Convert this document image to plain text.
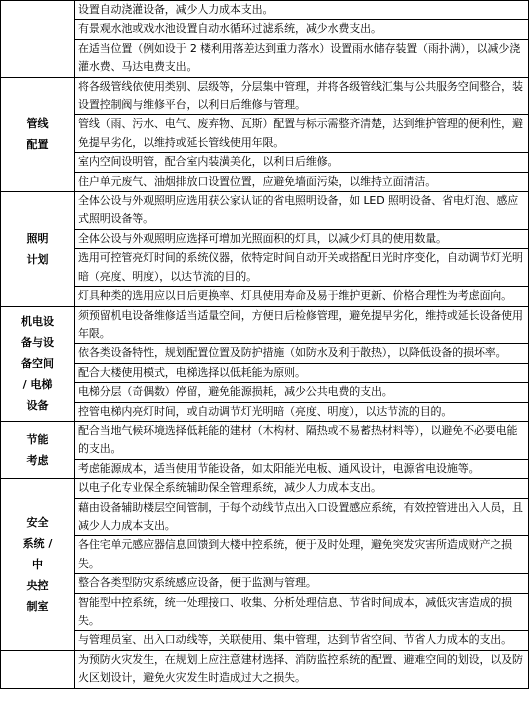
	设置自动浇灌设备，减少人力成本支出。

	有景观水池或戏水池设置自动水循环过滤系统，减少水费支出。

	在适当位置（例如设于 2 楼利用落差达到重力落水）设置雨水储存装置（雨扑满），以减少浇灌水费、马达电费支出。

管线
配置	将各级管线依使用类别、层级等，分层集中管理，并将各级管线汇集与公共服务空间整合，装设置控制阀与维修平台，以利日后维修与管理。

	管线（雨、污水、电气、废弃物、瓦斯）配置与标示需整齐清楚，达到维护管理的便利性，避免提早劣化，以维持或延长管线使用年限。

	室内空间设明管，配合室内装潢美化，以利日后维修。

	住户单元废气、油烟排放口设置位置，应避免墙面污染，以维持立面清洁。

照明
计划	全体公设与外观照明应选用获公家认证的省电照明设备，如 LED 照明设备、省电灯泡、感应式照明设备等。

	全体公设与外观照明应选择可增加光照面积的灯具，以减少灯具的使用数量。

	选用可控管亮灯时间的系统仪器，依特定时间自动开关或搭配日光时序变化，自动调节灯光明暗（亮度、明度），以达节流的目的。

	灯具种类的选用应以日后更换率、灯具使用寿命及易于维护更新、价格合理性为考虑面向。

机电设
备与设
备空间
/ 电梯
设备	须预留机电设备维修适当适量空间，方便日后检修管理，避免提早劣化，维持或延长设备使用年限。

	依各类设备特性，规划配置位置及防护措施（如防水及利于散热），以降低设备的损坏率。

	配合大楼使用模式，电梯选择以低耗能为原则。

	电梯分层（奇偶数）停留，避免能源损耗，减少公共电费的支出。

	控管电梯内亮灯时间，或自动调节灯光明暗（亮度、明度），以达节流的目的。

节能
考虑	配合当地气候环境选择低耗能的建材（木构材、隔热或不易蓄热材料等），以避免不必要电能的支出。

	考虑能源成本，适当使用节能设备，如太阳能光电板、通风设计，电源省电设施等。

安全
系统 /
中
央控
制室	以电子化专业保全系统辅助保全管理系统，减少人力成本支出。

	藉由设备辅助楼层空间管制，于每个动线节点出入口设置感应系统，有效控管进出入人员，且减少人力成本支出。

	各住宅单元感应器信息回馈到大楼中控系统，便于及时处理，避免突发灾害所造成财产之损失。

	整合各类型防灾系统感应设备，便于监测与管理。

	智能型中控系统，统一处理接口、收集、分析处理信息、节省时间成本，减低灾害造成的损失。

	与管理员室、出入口动线等，关联使用、集中管理，达到节省空间、节省人力成本的支出。

	为预防火灾发生，在规划上应注意建材选择、消防监控系统的配置、避难空间的划设，以及防火区划设计，避免火灾发生时造成过大之损失。
